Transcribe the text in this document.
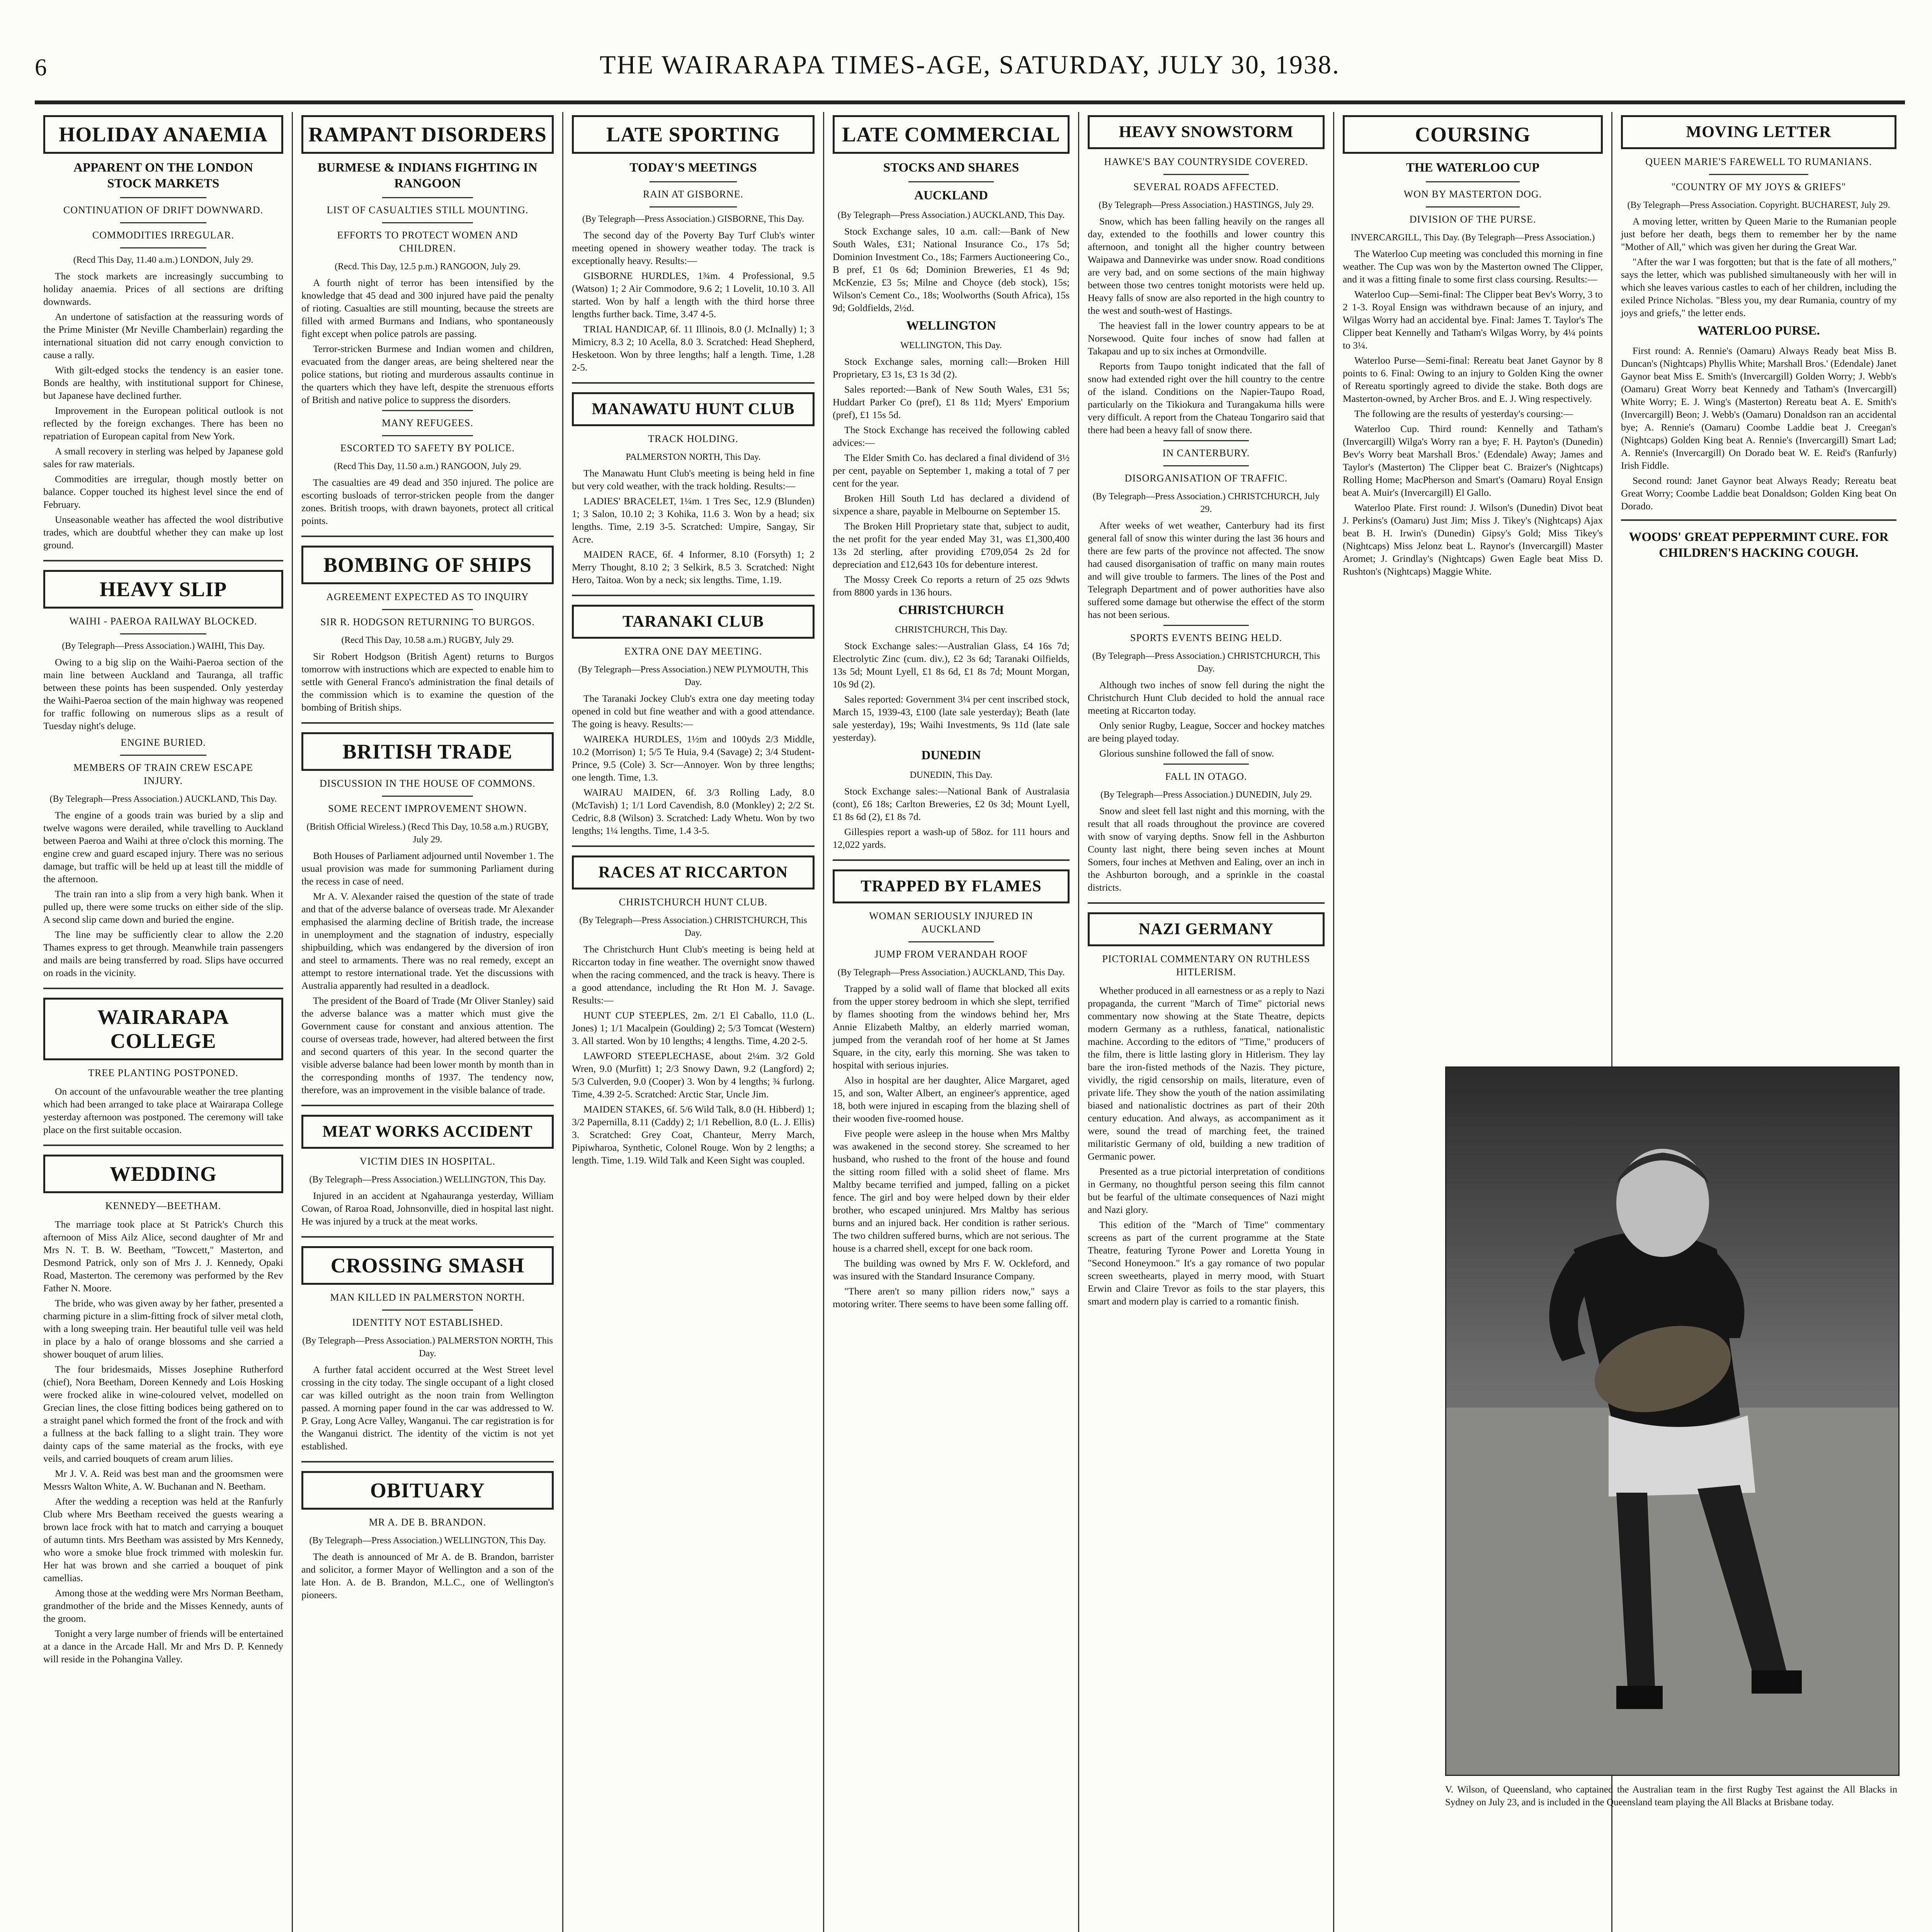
6	THE WAIRARAPA TIMES-AGE, SATURDAY, JULY 30, 1938.
HOLIDAY ANAEMIA
APPARENT ON THE LONDON STOCK MARKETS
CONTINUATION OF DRIFT DOWNWARD.
COMMODITIES IRREGULAR.
(Recd This Day, 11.40 a.m.) LONDON, July 29.

The stock markets are increasingly succumbing to holiday anaemia. Prices of all sections are drifting downwards.

An undertone of satisfaction at the reassuring words of the Prime Minister (Mr Neville Chamberlain) regarding the international situation did not carry enough conviction to cause a rally.

With gilt-edged stocks the tendency is an easier tone. Bonds are healthy, with institutional support for Chinese, but Japanese have declined further.

Improvement in the European political outlook is not reflected by the foreign exchanges. There has been no repatriation of European capital from New York.

A small recovery in sterling was helped by Japanese gold sales for raw materials.

Commodities are irregular, though mostly better on balance. Copper touched its highest level since the end of February.

Unseasonable weather has affected the wool distributive trades, which are doubtful whether they can make up lost ground.

HEAVY SLIP
WAIHI - PAEROA RAILWAY BLOCKED.
(By Telegraph—Press Association.) WAIHI, This Day.

Owing to a big slip on the Waihi-Paeroa section of the main line between Auckland and Tauranga, all traffic between these points has been suspended. Only yesterday the Waihi-Paeroa section of the main highway was reopened for traffic following on numerous slips as a result of Tuesday night's deluge.

ENGINE BURIED.
MEMBERS OF TRAIN CREW ESCAPE INJURY.
(By Telegraph—Press Association.) AUCKLAND, This Day.

The engine of a goods train was buried by a slip and twelve wagons were derailed, while travelling to Auckland between Paeroa and Waihi at three o'clock this morning. The engine crew and guard escaped injury. There was no serious damage, but traffic will be held up at least till the middle of the afternoon.

The train ran into a slip from a very high bank. When it pulled up, there were some trucks on either side of the slip. A second slip came down and buried the engine.

The line may be sufficiently clear to allow the 2.20 Thames express to get through. Meanwhile train passengers and mails are being transferred by road. Slips have occurred on roads in the vicinity.

WAIRARAPA COLLEGE
TREE PLANTING POSTPONED.

On account of the unfavourable weather the tree planting which had been arranged to take place at Wairarapa College yesterday afternoon was postponed. The ceremony will take place on the first suitable occasion.

WEDDING
KENNEDY—BEETHAM.

The marriage took place at St Patrick's Church this afternoon of Miss Ailz Alice, second daughter of Mr and Mrs N. T. B. W. Beetham, "Towcett," Masterton, and Desmond Patrick, only son of Mrs J. J. Kennedy, Opaki Road, Masterton. The ceremony was performed by the Rev Father N. Moore.

The bride, who was given away by her father, presented a charming picture in a slim-fitting frock of silver metal cloth, with a long sweeping train. Her beautiful tulle veil was held in place by a halo of orange blossoms and she carried a shower bouquet of arum lilies.

The four bridesmaids, Misses Josephine Rutherford (chief), Nora Beetham, Doreen Kennedy and Lois Hosking were frocked alike in wine-coloured velvet, modelled on Grecian lines, the close fitting bodices being gathered on to a straight panel which formed the front of the frock and with a fullness at the back falling to a slight train. They wore dainty caps of the same material as the frocks, with eye veils, and carried bouquets of cream arum lilies.

Mr J. V. A. Reid was best man and the groomsmen were Messrs Walton White, A. W. Buchanan and N. Beetham.

After the wedding a reception was held at the Ranfurly Club where Mrs Beetham received the guests wearing a brown lace frock with hat to match and carrying a bouquet of autumn tints. Mrs Beetham was assisted by Mrs Kennedy, who wore a smoke blue frock trimmed with moleskin fur. Her hat was brown and she carried a bouquet of pink camellias.

Among those at the wedding were Mrs Norman Beetham, grandmother of the bride and the Misses Kennedy, aunts of the groom.

Tonight a very large number of friends will be entertained at a dance in the Arcade Hall. Mr and Mrs D. P. Kennedy will reside in the Pohangina Valley.

RAMPANT DISORDERS
BURMESE & INDIANS FIGHTING IN RANGOON
LIST OF CASUALTIES STILL MOUNTING.
EFFORTS TO PROTECT WOMEN AND CHILDREN.
(Recd. This Day, 12.5 p.m.) RANGOON, July 29.

A fourth night of terror has been intensified by the knowledge that 45 dead and 300 injured have paid the penalty of rioting. Casualties are still mounting, because the streets are filled with armed Burmans and Indians, who spontaneously fight except when police patrols are passing.

Terror-stricken Burmese and Indian women and children, evacuated from the danger areas, are being sheltered near the police stations, but rioting and murderous assaults continue in the quarters which they have left, despite the strenuous efforts of British and native police to suppress the disorders.

MANY REFUGEES.
ESCORTED TO SAFETY BY POLICE.
(Recd This Day, 11.50 a.m.) RANGOON, July 29.

The casualties are 49 dead and 350 injured. The police are escorting busloads of terror-stricken people from the danger zones. British troops, with drawn bayonets, protect all critical points.

BOMBING OF SHIPS
AGREEMENT EXPECTED AS TO INQUIRY
SIR R. HODGSON RETURNING TO BURGOS.
(Recd This Day, 10.58 a.m.) RUGBY, July 29.

Sir Robert Hodgson (British Agent) returns to Burgos tomorrow with instructions which are expected to enable him to settle with General Franco's administration the final details of the commission which is to examine the question of the bombing of British ships.

BRITISH TRADE
DISCUSSION IN THE HOUSE OF COMMONS.
SOME RECENT IMPROVEMENT SHOWN.
(British Official Wireless.) (Recd This Day, 10.58 a.m.) RUGBY, July 29.

Both Houses of Parliament adjourned until November 1. The usual provision was made for summoning Parliament during the recess in case of need.

Mr A. V. Alexander raised the question of the state of trade and that of the adverse balance of overseas trade. Mr Alexander emphasised the alarming decline of British trade, the increase in unemployment and the stagnation of industry, especially shipbuilding, which was endangered by the diversion of iron and steel to armaments. There was no real remedy, except an attempt to restore international trade. Yet the discussions with Australia apparently had resulted in a deadlock.

The president of the Board of Trade (Mr Oliver Stanley) said the adverse balance was a matter which must give the Government cause for constant and anxious attention. The course of overseas trade, however, had altered between the first and second quarters of this year. In the second quarter the visible adverse balance had been lower month by month than in the corresponding months of 1937. The tendency now, therefore, was an improvement in the visible balance of trade.

MEAT WORKS ACCIDENT
VICTIM DIES IN HOSPITAL.
(By Telegraph—Press Association.) WELLINGTON, This Day.

Injured in an accident at Ngahauranga yesterday, William Cowan, of Raroa Road, Johnsonville, died in hospital last night. He was injured by a truck at the meat works.

CROSSING SMASH
MAN KILLED IN PALMERSTON NORTH.
IDENTITY NOT ESTABLISHED.
(By Telegraph—Press Association.) PALMERSTON NORTH, This Day.

A further fatal accident occurred at the West Street level crossing in the city today. The single occupant of a light closed car was killed outright as the noon train from Wellington passed. A morning paper found in the car was addressed to W. P. Gray, Long Acre Valley, Wanganui. The car registration is for the Wanganui district. The identity of the victim is not yet established.

OBITUARY
MR A. DE B. BRANDON.
(By Telegraph—Press Association.) WELLINGTON, This Day.

The death is announced of Mr A. de B. Brandon, barrister and solicitor, a former Mayor of Wellington and a son of the late Hon. A. de B. Brandon, M.L.C., one of Wellington's pioneers.

LATE SPORTING
TODAY'S MEETINGS
RAIN AT GISBORNE.
(By Telegraph—Press Association.) GISBORNE, This Day.

The second day of the Poverty Bay Turf Club's winter meeting opened in showery weather today. The track is exceptionally heavy. Results:—

GISBORNE HURDLES, 1¾m. 4 Professional, 9.5 (Watson) 1; 2 Air Commodore, 9.6 2; 1 Lovelit, 10.10 3. All started. Won by half a length with the third horse three lengths further back. Time, 3.47 4-5.

TRIAL HANDICAP, 6f. 11 Illinois, 8.0 (J. McInally) 1; 3 Mimicry, 8.3 2; 10 Acella, 8.0 3. Scratched: Head Shepherd, Hesketoon. Won by three lengths; half a length. Time, 1.28 2-5.

MANAWATU HUNT CLUB
TRACK HOLDING.
PALMERSTON NORTH, This Day.

The Manawatu Hunt Club's meeting is being held in fine but very cold weather, with the track holding. Results:—

LADIES' BRACELET, 1¼m. 1 Tres Sec, 12.9 (Blunden) 1; 3 Salon, 10.10 2; 3 Kohika, 11.6 3. Won by a head; six lengths. Time, 2.19 3-5. Scratched: Umpire, Sangay, Sir Acre.

MAIDEN RACE, 6f. 4 Informer, 8.10 (Forsyth) 1; 2 Merry Thought, 8.10 2; 3 Selkirk, 8.5 3. Scratched: Night Hero, Taitoa. Won by a neck; six lengths. Time, 1.19.

TARANAKI CLUB
EXTRA ONE DAY MEETING.
(By Telegraph—Press Association.) NEW PLYMOUTH, This Day.

The Taranaki Jockey Club's extra one day meeting today opened in cold but fine weather and with a good attendance. The going is heavy. Results:—

WAIREKA HURDLES, 1½m and 100yds 2/3 Middle, 10.2 (Morrison) 1; 5/5 Te Huia, 9.4 (Savage) 2; 3/4 Student-Prince, 9.5 (Cole) 3. Scr—Annoyer. Won by three lengths; one length. Time, 1.3.

WAIRAU MAIDEN, 6f. 3/3 Rolling Lady, 8.0 (McTavish) 1; 1/1 Lord Cavendish, 8.0 (Monkley) 2; 2/2 St. Cedric, 8.8 (Wilson) 3. Scratched: Lady Whetu. Won by two lengths; 1¼ lengths. Time, 1.4 3-5.

RACES AT RICCARTON
CHRISTCHURCH HUNT CLUB.
(By Telegraph—Press Association.) CHRISTCHURCH, This Day.

The Christchurch Hunt Club's meeting is being held at Riccarton today in fine weather. The overnight snow thawed when the racing commenced, and the track is heavy. There is a good attendance, including the Rt Hon M. J. Savage. Results:—

HUNT CUP STEEPLES, 2m. 2/1 El Caballo, 11.0 (L. Jones) 1; 1/1 Macalpein (Goulding) 2; 5/3 Tomcat (Western) 3. All started. Won by 10 lengths; 4 lengths. Time, 4.20 2-5.

LAWFORD STEEPLECHASE, about 2¼m. 3/2 Gold Wren, 9.0 (Murfitt) 1; 2/3 Snowy Dawn, 9.2 (Langford) 2; 5/3 Culverden, 9.0 (Cooper) 3. Won by 4 lengths; ¾ furlong. Time, 4.39 2-5. Scratched: Arctic Star, Uncle Jim.

MAIDEN STAKES, 6f. 5/6 Wild Talk, 8.0 (H. Hibberd) 1; 3/2 Papernilla, 8.11 (Caddy) 2; 1/1 Rebellion, 8.0 (L. J. Ellis) 3. Scratched: Grey Coat, Chanteur, Merry March, Pipiwharoa, Synthetic, Colonel Rouge. Won by 2 lengths; a length. Time, 1.19. Wild Talk and Keen Sight was coupled.

LATE COMMERCIAL
STOCKS AND SHARES
AUCKLAND
(By Telegraph—Press Association.) AUCKLAND, This Day.

Stock Exchange sales, 10 a.m. call:—Bank of New South Wales, £31; National Insurance Co., 17s 5d; Dominion Investment Co., 18s; Farmers Auctioneering Co., B pref, £1 0s 6d; Dominion Breweries, £1 4s 9d; McKenzie, £3 5s; Milne and Choyce (deb stock), 15s; Wilson's Cement Co., 18s; Woolworths (South Africa), 15s 9d; Goldfields, 2½d.

WELLINGTON
WELLINGTON, This Day.

Stock Exchange sales, morning call:—Broken Hill Proprietary, £3 1s, £3 1s 3d (2).

Sales reported:—Bank of New South Wales, £31 5s; Huddart Parker Co (pref), £1 8s 11d; Myers' Emporium (pref), £1 15s 5d.

The Stock Exchange has received the following cabled advices:—

The Elder Smith Co. has declared a final dividend of 3½ per cent, payable on September 1, making a total of 7 per cent for the year.

Broken Hill South Ltd has declared a dividend of sixpence a share, payable in Melbourne on September 15.

The Broken Hill Proprietary state that, subject to audit, the net profit for the year ended May 31, was £1,300,400 13s 2d sterling, after providing £709,054 2s 2d for depreciation and £12,643 10s for debenture interest.

The Mossy Creek Co reports a return of 25 ozs 9dwts from 8800 yards in 136 hours.

CHRISTCHURCH
CHRISTCHURCH, This Day.

Stock Exchange sales:—Australian Glass, £4 16s 7d; Electrolytic Zinc (cum. div.), £2 3s 6d; Taranaki Oilfields, 13s 5d; Mount Lyell, £1 8s 6d, £1 8s 7d; Mount Morgan, 10s 9d (2).

Sales reported: Government 3¼ per cent inscribed stock, March 15, 1939-43, £100 (late sale yesterday); Beath (late sale yesterday), 19s; Waihi Investments, 9s 11d (late sale yesterday).

DUNEDIN
DUNEDIN, This Day.

Stock Exchange sales:—National Bank of Australasia (cont), £6 18s; Carlton Breweries, £2 0s 3d; Mount Lyell, £1 8s 6d (2), £1 8s 7d.

Gillespies report a wash-up of 58oz. for 111 hours and 12,022 yards.

TRAPPED BY FLAMES
WOMAN SERIOUSLY INJURED IN AUCKLAND
JUMP FROM VERANDAH ROOF
(By Telegraph—Press Association.) AUCKLAND, This Day.

Trapped by a solid wall of flame that blocked all exits from the upper storey bedroom in which she slept, terrified by flames shooting from the windows behind her, Mrs Annie Elizabeth Maltby, an elderly married woman, jumped from the verandah roof of her home at St James Square, in the city, early this morning. She was taken to hospital with serious injuries.

Also in hospital are her daughter, Alice Margaret, aged 15, and son, Walter Albert, an engineer's apprentice, aged 18, both were injured in escaping from the blazing shell of their wooden five-roomed house.

Five people were asleep in the house when Mrs Maltby was awakened in the second storey. She screamed to her husband, who rushed to the front of the house and found the sitting room filled with a solid sheet of flame. Mrs Maltby became terrified and jumped, falling on a picket fence. The girl and boy were helped down by their elder brother, who escaped uninjured. Mrs Maltby has serious burns and an injured back. Her condition is rather serious. The two children suffered burns, which are not serious. The house is a charred shell, except for one back room.

The building was owned by Mrs F. W. Ockleford, and was insured with the Standard Insurance Company.

"There aren't so many pillion riders now," says a motoring writer. There seems to have been some falling off.

HEAVY SNOWSTORM
HAWKE'S BAY COUNTRYSIDE COVERED.
SEVERAL ROADS AFFECTED.
(By Telegraph—Press Association.) HASTINGS, July 29.

Snow, which has been falling heavily on the ranges all day, extended to the foothills and lower country this afternoon, and tonight all the higher country between Waipawa and Dannevirke was under snow. Road conditions are very bad, and on some sections of the main highway between those two centres tonight motorists were held up. Heavy falls of snow are also reported in the high country to the west and south-west of Hastings.

The heaviest fall in the lower country appears to be at Norsewood. Quite four inches of snow had fallen at Takapau and up to six inches at Ormondville.

Reports from Taupo tonight indicated that the fall of snow had extended right over the hill country to the centre of the island. Conditions on the Napier-Taupo Road, particularly on the Tikiokura and Turangakuma hills were very difficult. A report from the Chateau Tongariro said that there had been a heavy fall of snow there.

IN CANTERBURY.
DISORGANISATION OF TRAFFIC.
(By Telegraph—Press Association.) CHRISTCHURCH, July 29.

After weeks of wet weather, Canterbury had its first general fall of snow this winter during the last 36 hours and there are few parts of the province not affected. The snow had caused disorganisation of traffic on many main routes and will give trouble to farmers. The lines of the Post and Telegraph Department and of power authorities have also suffered some damage but otherwise the effect of the storm has not been serious.

SPORTS EVENTS BEING HELD.
(By Telegraph—Press Association.) CHRISTCHURCH, This Day.

Although two inches of snow fell during the night the Christchurch Hunt Club decided to hold the annual race meeting at Riccarton today.

Only senior Rugby, League, Soccer and hockey matches are being played today.

Glorious sunshine followed the fall of snow.

FALL IN OTAGO.
(By Telegraph—Press Association.) DUNEDIN, July 29.

Snow and sleet fell last night and this morning, with the result that all roads throughout the province are covered with snow of varying depths. Snow fell in the Ashburton County last night, there being seven inches at Mount Somers, four inches at Methven and Ealing, over an inch in the Ashburton borough, and a sprinkle in the coastal districts.

NAZI GERMANY
PICTORIAL COMMENTARY ON RUTHLESS HITLERISM.

Whether produced in all earnestness or as a reply to Nazi propaganda, the current "March of Time" pictorial news commentary now showing at the State Theatre, depicts modern Germany as a ruthless, fanatical, nationalistic machine. According to the editors of "Time," producers of the film, there is little lasting glory in Hitlerism. They lay bare the iron-fisted methods of the Nazis. They picture, vividly, the rigid censorship on mails, literature, even of private life. They show the youth of the nation assimilating biased and nationalistic doctrines as part of their 20th century education. And always, as accompaniment as it were, sound the tread of marching feet, the trained militaristic Germany of old, building a new tradition of Germanic power.

Presented as a true pictorial interpretation of conditions in Germany, no thoughtful person seeing this film cannot but be fearful of the ultimate consequences of Nazi might and Nazi glory.

This edition of the "March of Time" commentary screens as part of the current programme at the State Theatre, featuring Tyrone Power and Loretta Young in "Second Honeymoon." It's a gay romance of two popular screen sweethearts, played in merry mood, with Stuart Erwin and Claire Trevor as foils to the star players, this smart and modern play is carried to a romantic finish.

COURSING
THE WATERLOO CUP
WON BY MASTERTON DOG.
DIVISION OF THE PURSE.
INVERCARGILL, This Day. (By Telegraph—Press Association.)

The Waterloo Cup meeting was concluded this morning in fine weather. The Cup was won by the Masterton owned The Clipper, and it was a fitting finale to some first class coursing. Results:—

Waterloo Cup—Semi-final: The Clipper beat Bev's Worry, 3 to 2 1-3. Royal Ensign was withdrawn because of an injury, and Wilgas Worry had an accidental bye. Final: James T. Taylor's The Clipper beat Kennelly and Tatham's Wilgas Worry, by 4¼ points to 3¼.

Waterloo Purse—Semi-final: Rereatu beat Janet Gaynor by 8 points to 6. Final: Owing to an injury to Golden King the owner of Rereatu sportingly agreed to divide the stake. Both dogs are Masterton-owned, by Archer Bros. and E. J. Wing respectively.

The following are the results of yesterday's coursing:—

Waterloo Cup. Third round: Kennelly and Tatham's (Invercargill) Wilga's Worry ran a bye; F. H. Payton's (Dunedin) Bev's Worry beat Marshall Bros.' (Edendale) Away; James and Taylor's (Masterton) The Clipper beat C. Braizer's (Nightcaps) Rolling Home; MacPherson and Smart's (Oamaru) Royal Ensign beat A. Muir's (Invercargill) El Gallo.

Waterloo Plate. First round: J. Wilson's (Dunedin) Divot beat J. Perkins's (Oamaru) Just Jim; Miss J. Tikey's (Nightcaps) Ajax beat B. H. Irwin's (Dunedin) Gipsy's Gold; Miss Tikey's (Nightcaps) Miss Jelonz beat L. Raynor's (Invercargill) Master Aromet; J. Grindlay's (Nightcaps) Gwen Eagle beat Miss D. Rushton's (Nightcaps) Maggie White.

MOVING LETTER
QUEEN MARIE'S FAREWELL TO RUMANIANS.
"COUNTRY OF MY JOYS & GRIEFS"
(By Telegraph—Press Association. Copyright. BUCHAREST, July 29.

A moving letter, written by Queen Marie to the Rumanian people just before her death, begs them to remember her by the name "Mother of All," which was given her during the Great War.

"After the war I was forgotten; but that is the fate of all mothers," says the letter, which was published simultaneously with her will in which she leaves various castles to each of her children, including the exiled Prince Nicholas. "Bless you, my dear Rumania, country of my joys and griefs," the letter ends.

WATERLOO PURSE.

First round: A. Rennie's (Oamaru) Always Ready beat Miss B. Duncan's (Nightcaps) Phyllis White; Marshall Bros.' (Edendale) Janet Gaynor beat Miss E. Smith's (Invercargill) Golden Worry; J. Webb's (Oamaru) Great Worry beat Kennedy and Tatham's (Invercargill) White Worry; E. J. Wing's (Masterton) Rereatu beat A. E. Smith's (Invercargill) Beon; J. Webb's (Oamaru) Donaldson ran an accidental bye; A. Rennie's (Oamaru) Coombe Laddie beat J. Creegan's (Nightcaps) Golden King beat A. Rennie's (Invercargill) Smart Lad; A. Rennie's (Invercargill) On Dorado beat W. E. Reid's (Ranfurly) Irish Fiddle.

Second round: Janet Gaynor beat Always Ready; Rereatu beat Great Worry; Coombe Laddie beat Donaldson; Golden King beat On Dorado.

WOODS' GREAT PEPPERMINT CURE. FOR CHILDREN'S HACKING COUGH.
V. Wilson, of Queensland, who captained the Australian team in the first Rugby Test against the All Blacks in Sydney on July 23, and is included in the Queensland team playing the All Blacks at Brisbane today.
